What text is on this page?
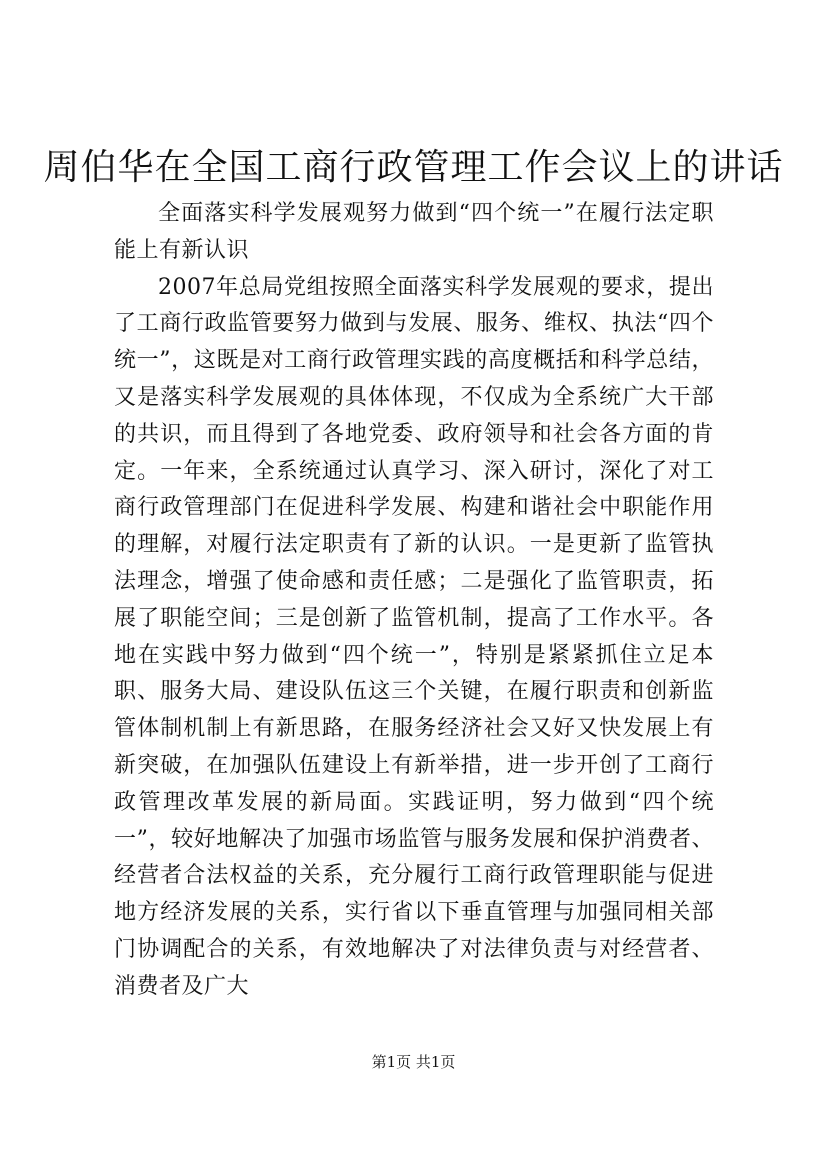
周伯华在全国工商行政管理工作会议上的讲话

全面落实科学发展观努力做到“四个统一”在履行法定职能上有新认识

2007年总局党组按照全面落实科学发展观的要求，提出了工商行政监管要努力做到与发展、服务、维权、执法“四个统一”，这既是对工商行政管理实践的高度概括和科学总结，又是落实科学发展观的具体体现，不仅成为全系统广大干部的共识，而且得到了各地党委、政府领导和社会各方面的肯定。一年来，全系统通过认真学习、深入研讨，深化了对工商行政管理部门在促进科学发展、构建和谐社会中职能作用的理解，对履行法定职责有了新的认识。一是更新了监管执法理念，增强了使命感和责任感；二是强化了监管职责，拓展了职能空间；三是创新了监管机制，提高了工作水平。各地在实践中努力做到“四个统一”，特别是紧紧抓住立足本职、服务大局、建设队伍这三个关键，在履行职责和创新监管体制机制上有新思路，在服务经济社会又好又快发展上有新突破，在加强队伍建设上有新举措，进一步开创了工商行政管理改革发展的新局面。实践证明，努力做到“四个统一”，较好地解决了加强市场监管与服务发展和保护消费者、经营者合法权益的关系，充分履行工商行政管理职能与促进地方经济发展的关系，实行省以下垂直管理与加强同相关部门协调配合的关系，有效地解决了对法律负责与对经营者、消费者及广大

第1页 共1页
